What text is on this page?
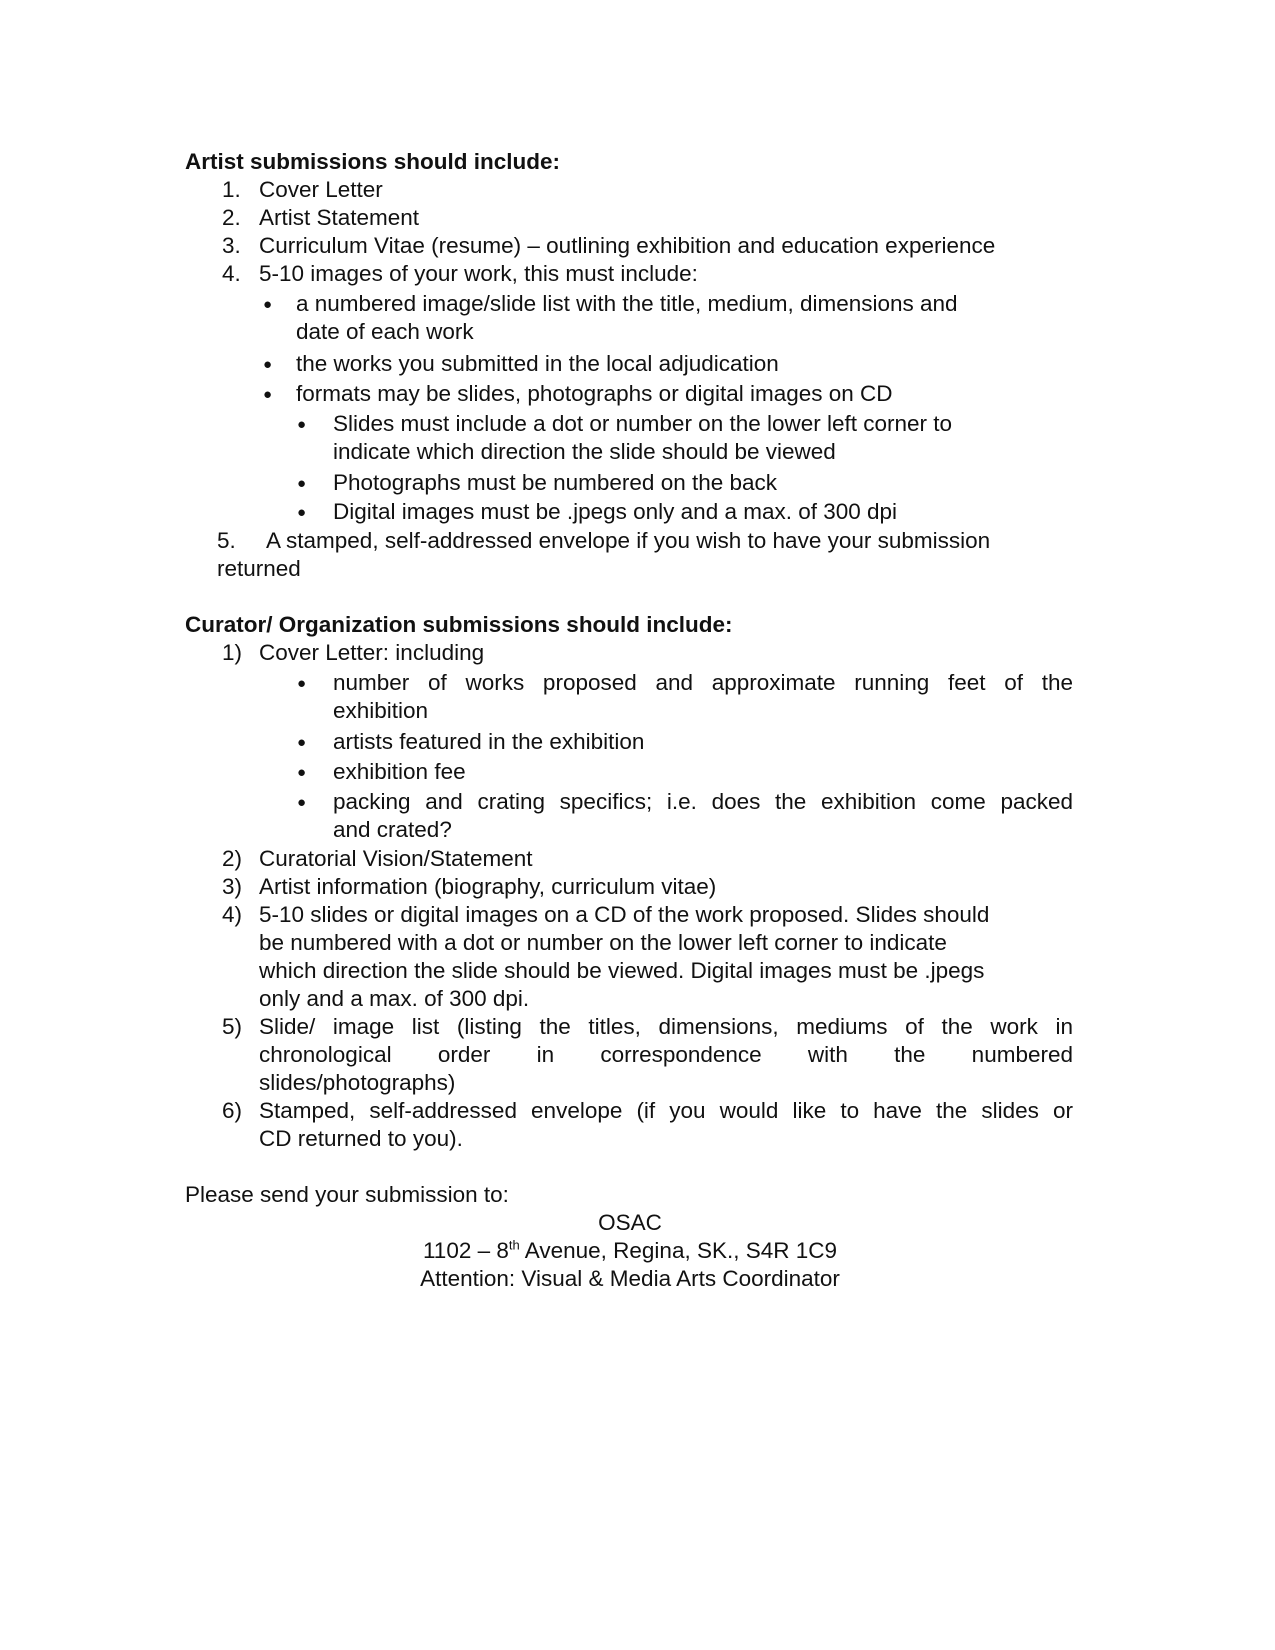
Artist submissions should include:
1. Cover Letter
2. Artist Statement
3. Curriculum Vitae (resume) – outlining exhibition and education experience
4. 5-10 images of your work, this must include:
● a numbered image/slide list with the title, medium, dimensions and
date of each work
● the works you submitted in the local adjudication
● formats may be slides, photographs or digital images on CD
● Slides must include a dot or number on the lower left corner to
indicate which direction the slide should be viewed
● Photographs must be numbered on the back
● Digital images must be .jpegs only and a max. of 300 dpi
5. A stamped, self-addressed envelope if you wish to have your submission
returned
Curator/ Organization submissions should include:
1) Cover Letter: including
● number of works proposed and approximate running feet of the
exhibition
● artists featured in the exhibition
● exhibition fee
● packing and crating specifics; i.e. does the exhibition come packed
and crated?
2) Curatorial Vision/Statement
3) Artist information (biography, curriculum vitae)
4) 5-10 slides or digital images on a CD of the work proposed. Slides should
be numbered with a dot or number on the lower left corner to indicate
which direction the slide should be viewed. Digital images must be .jpegs
only and a max. of 300 dpi.
5) Slide/ image list (listing the titles, dimensions, mediums of the work in
chronological order in correspondence with the numbered
slides/photographs)
6) Stamped, self-addressed envelope (if you would like to have the slides or
CD returned to you).
Please send your submission to:
OSAC
1102 – 8th Avenue, Regina, SK., S4R 1C9
Attention: Visual & Media Arts Coordinator
